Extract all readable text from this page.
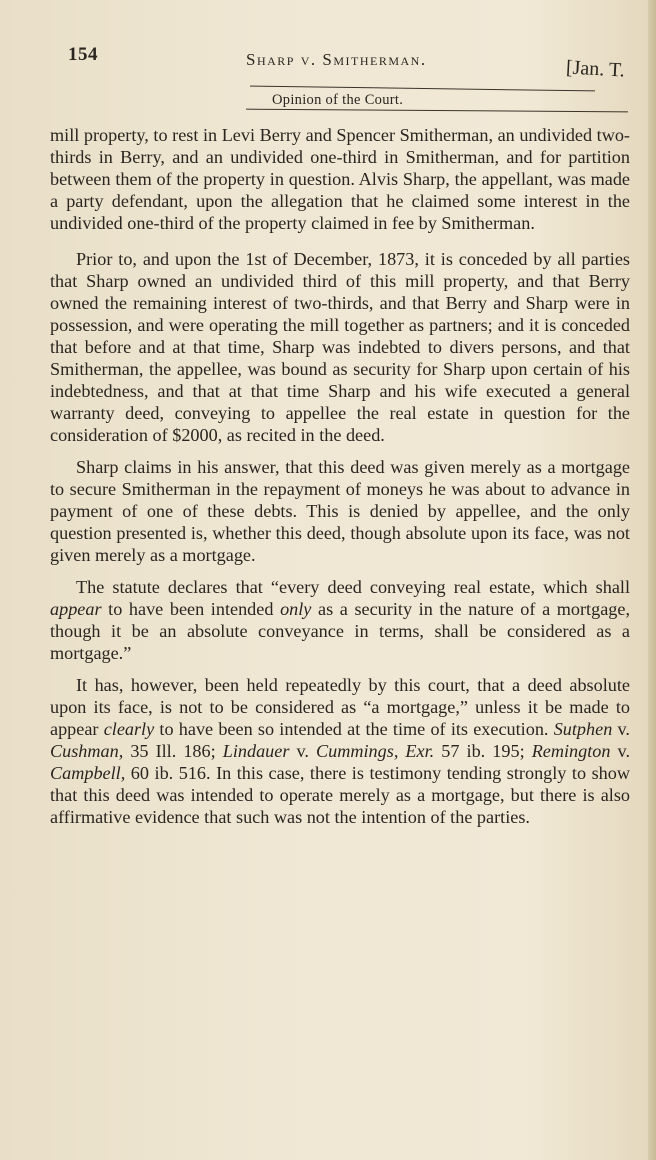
154	Sharp v. Smitherman.	[Jan. T.
Opinion of the Court.

mill property, to rest in Levi Berry and Spencer Smitherman, an undivided two-thirds in Berry, and an undivided one-third in Smitherman, and for partition between them of the property in question. Alvis Sharp, the appellant, was made a party defendant, upon the allegation that he claimed some interest in the undivided one-third of the property claimed in fee by Smitherman.

Prior to, and upon the 1st of December, 1873, it is conceded by all parties that Sharp owned an undivided third of this mill property, and that Berry owned the remaining interest of two-thirds, and that Berry and Sharp were in possession, and were operating the mill together as partners; and it is conceded that before and at that time, Sharp was indebted to divers persons, and that Smitherman, the appellee, was bound as security for Sharp upon certain of his indebtedness, and that at that time Sharp and his wife executed a general warranty deed, conveying to appellee the real estate in question for the consideration of $2000, as recited in the deed.

Sharp claims in his answer, that this deed was given merely as a mortgage to secure Smitherman in the repayment of moneys he was about to advance in payment of one of these debts. This is denied by appellee, and the only question presented is, whether this deed, though absolute upon its face, was not given merely as a mortgage.

The statute declares that “every deed conveying real estate, which shall appear to have been intended only as a security in the nature of a mortgage, though it be an absolute conveyance in terms, shall be considered as a mortgage.”

It has, however, been held repeatedly by this court, that a deed absolute upon its face, is not to be considered as “a mortgage,” unless it be made to appear clearly to have been so intended at the time of its execution. Sutphen v. Cushman, 35 Ill. 186; Lindauer v. Cummings, Exr. 57 ib. 195; Remington v. Campbell, 60 ib. 516. In this case, there is testimony tending strongly to show that this deed was intended to operate merely as a mortgage, but there is also affirmative evidence that such was not the intention of the parties.
